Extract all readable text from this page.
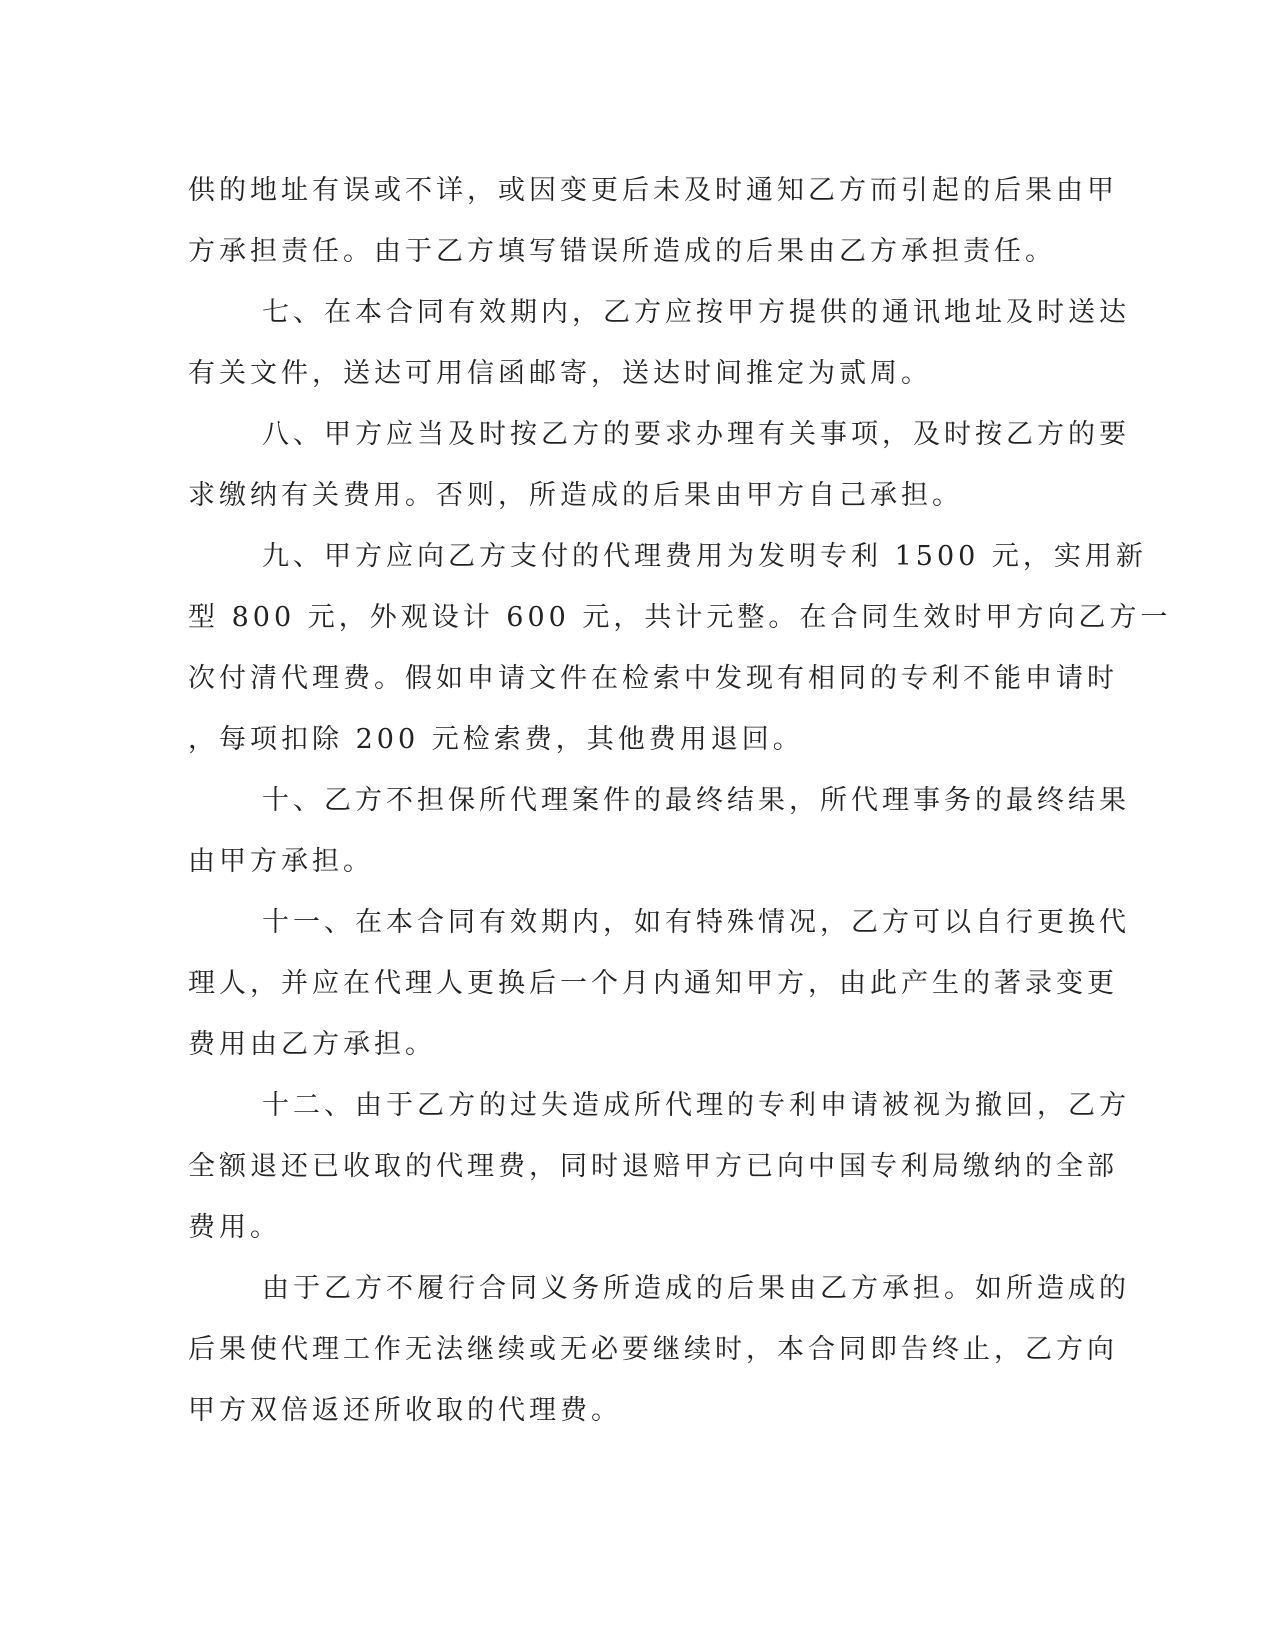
供的地址有误或不详，或因变更后未及时通知乙方而引起的后果由甲
方承担责任。由于乙方填写错误所造成的后果由乙方承担责任。
七、在本合同有效期内，乙方应按甲方提供的通讯地址及时送达
有关文件，送达可用信函邮寄，送达时间推定为贰周。
八、甲方应当及时按乙方的要求办理有关事项，及时按乙方的要
求缴纳有关费用。否则，所造成的后果由甲方自己承担。
九、甲方应向乙方支付的代理费用为发明专利 1500 元，实用新
型 800 元，外观设计 600 元，共计元整。在合同生效时甲方向乙方一
次付清代理费。假如申请文件在检索中发现有相同的专利不能申请时
，每项扣除 200 元检索费，其他费用退回。
十、乙方不担保所代理案件的最终结果，所代理事务的最终结果
由甲方承担。
十一、在本合同有效期内，如有特殊情况，乙方可以自行更换代
理人，并应在代理人更换后一个月内通知甲方，由此产生的著录变更
费用由乙方承担。
十二、由于乙方的过失造成所代理的专利申请被视为撤回，乙方
全额退还已收取的代理费，同时退赔甲方已向中国专利局缴纳的全部
费用。
由于乙方不履行合同义务所造成的后果由乙方承担。如所造成的
后果使代理工作无法继续或无必要继续时，本合同即告终止，乙方向
甲方双倍返还所收取的代理费。
